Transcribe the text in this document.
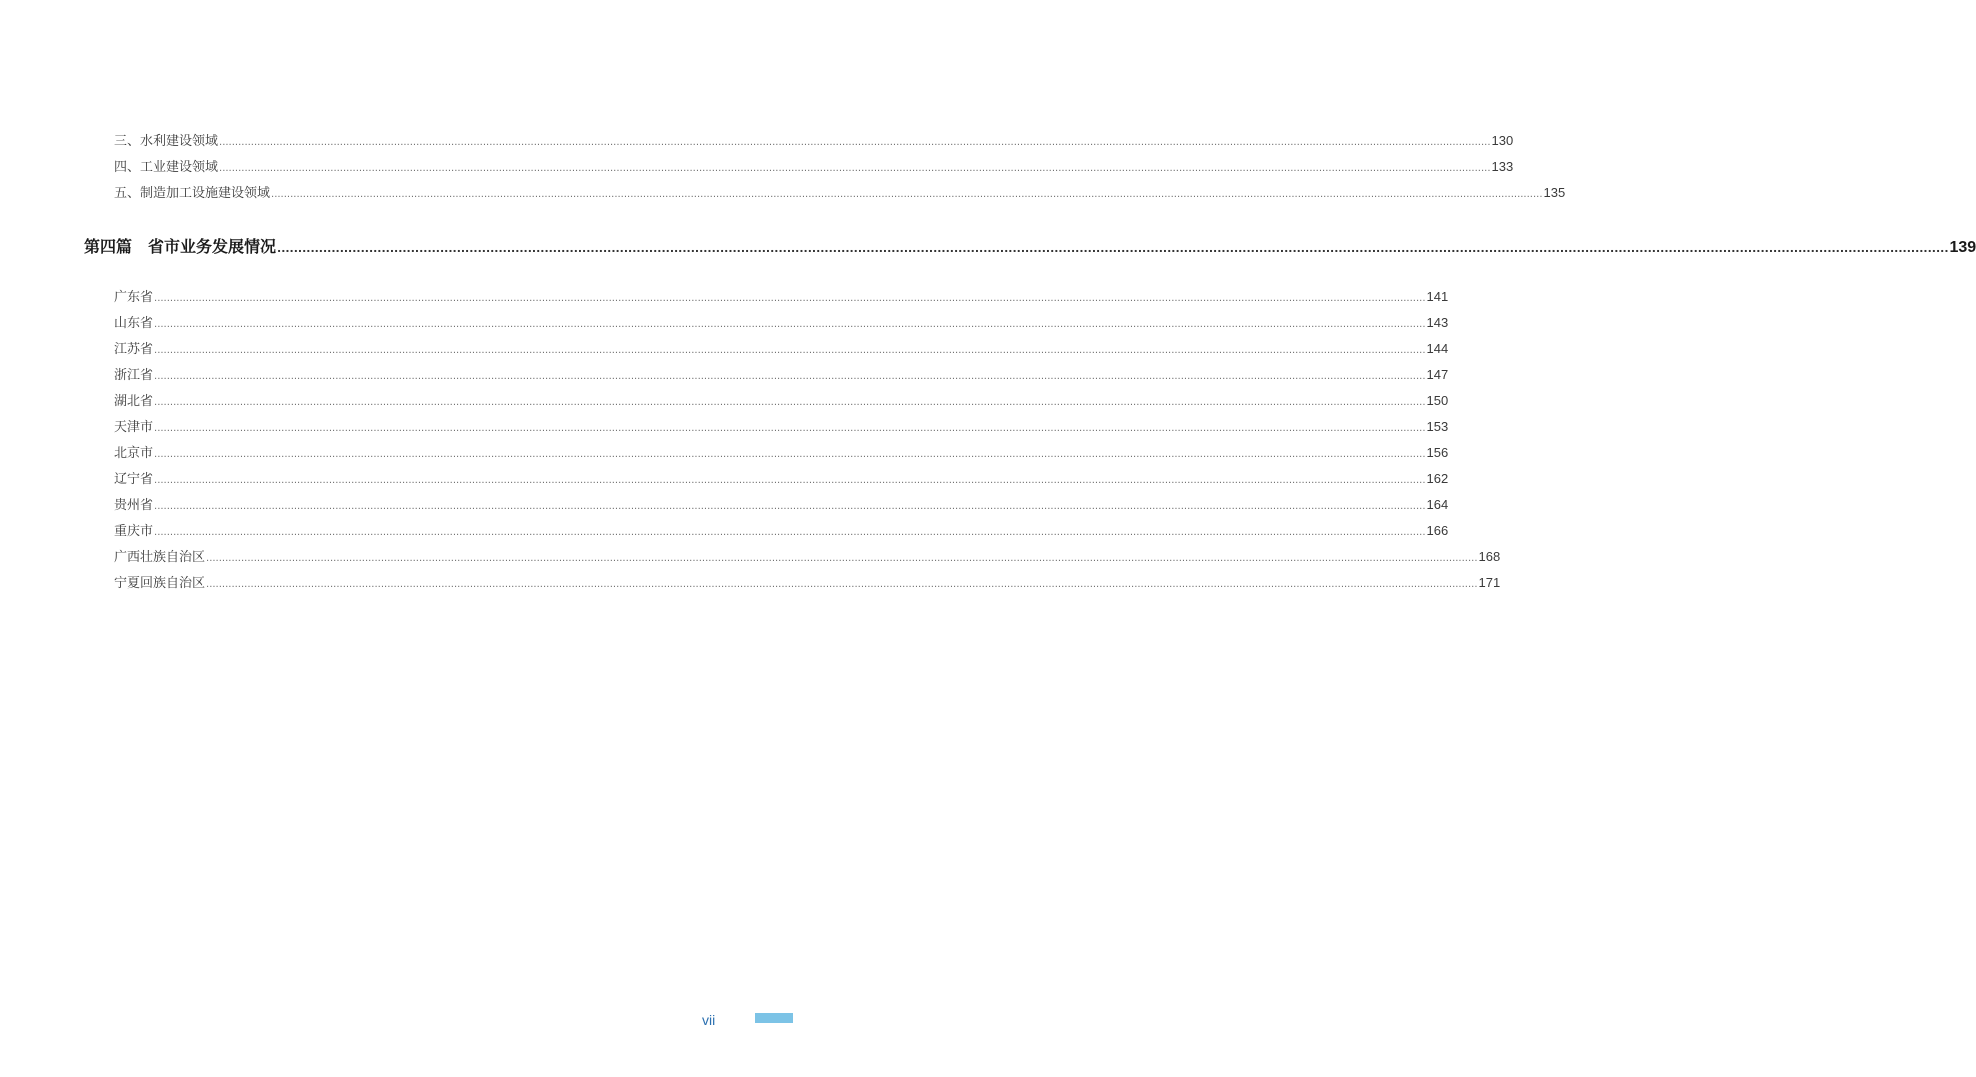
三、水利建设领域 ................................................................................................................................................................................................................................................................................................................................................................................................................ 130
四、工业建设领域 ................................................................................................................................................................................................................................................................................................................................................................................................................ 133
五、制造加工设施建设领域 ................................................................................................................................................................................................................................................................................................................................................................................................................ 135
第四篇　省市业务发展情况 ................................................................................................................................................................................................................................................................................................................................................................................................................ 139
广东省 ................................................................................................................................................................................................................................................................................................................................................................................................................ 141
山东省 ................................................................................................................................................................................................................................................................................................................................................................................................................ 143
江苏省 ................................................................................................................................................................................................................................................................................................................................................................................................................ 144
浙江省 ................................................................................................................................................................................................................................................................................................................................................................................................................ 147
湖北省 ................................................................................................................................................................................................................................................................................................................................................................................................................ 150
天津市 ................................................................................................................................................................................................................................................................................................................................................................................................................ 153
北京市 ................................................................................................................................................................................................................................................................................................................................................................................................................ 156
辽宁省 ................................................................................................................................................................................................................................................................................................................................................................................................................ 162
贵州省 ................................................................................................................................................................................................................................................................................................................................................................................................................ 164
重庆市 ................................................................................................................................................................................................................................................................................................................................................................................................................ 166
广西壮族自治区 ................................................................................................................................................................................................................................................................................................................................................................................................................ 168
宁夏回族自治区 ................................................................................................................................................................................................................................................................................................................................................................................................................ 171
vii
